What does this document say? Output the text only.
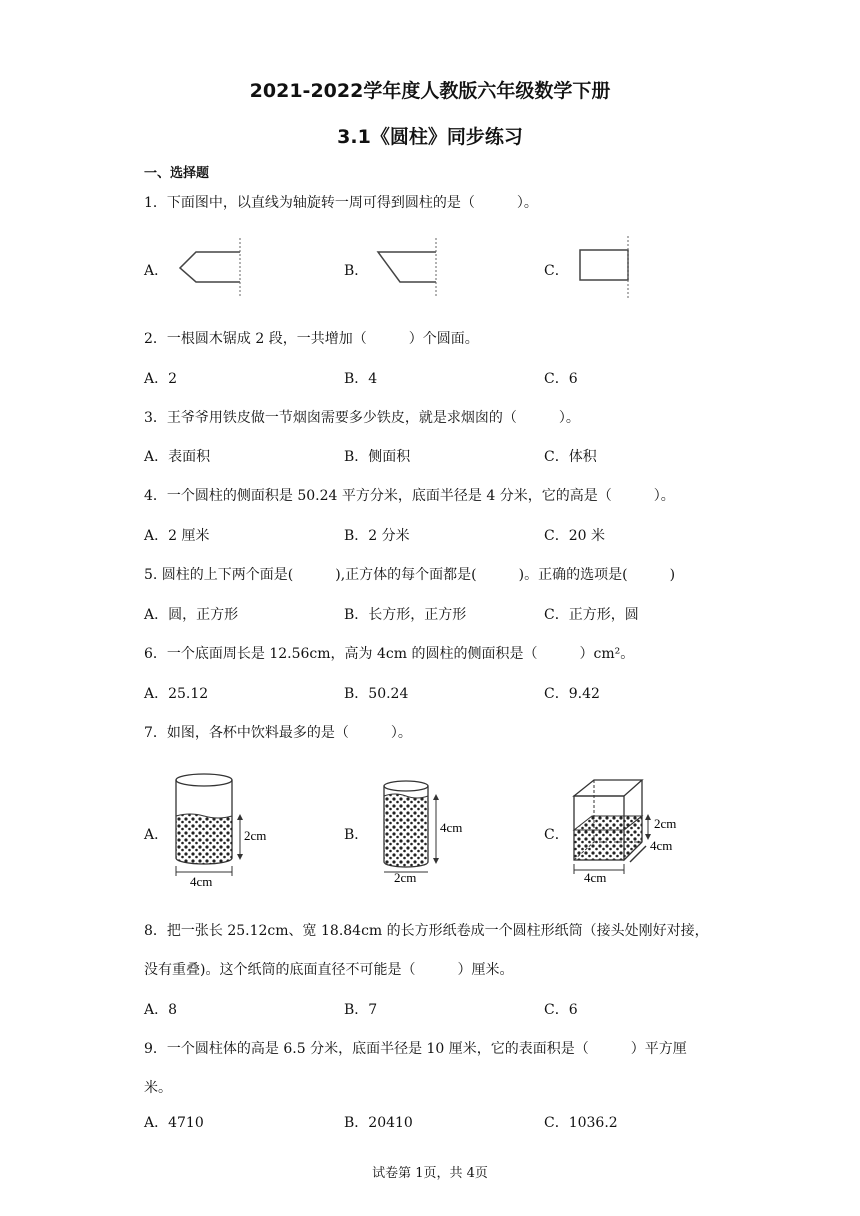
2021-2022学年度人教版六年级数学下册
3.1《圆柱》同步练习
一、选择题
1．下面图中，以直线为轴旋转一周可得到圆柱的是（　　　）。
A．	B．	C．
2．一根圆木锯成 2 段，一共增加（　　　）个圆面。
A．2	B．4	C．6
3．王爷爷用铁皮做一节烟囱需要多少铁皮，就是求烟囱的（　　　）。
A．表面积	B．侧面积	C．体积
4．一个圆柱的侧面积是 50.24 平方分米，底面半径是 4 分米，它的高是（　　　）。
A．2 厘米	B．2 分米	C．20 米
5. 圆柱的上下两个面是(　　　),正方体的每个面都是(　　　)。正确的选项是(　　　)
A．圆，正方形	B．长方形，正方形	C．正方形，圆
6．一个底面周长是 12.56cm，高为 4cm 的圆柱的侧面积是（　　　）cm²。
A．25.12	B．50.24	C．9.42
7．如图，各杯中饮料最多的是（　　　）。
A．	B．	C．
2cm
4cm
4cm
2cm
2cm
4cm
4cm
8．把一张长 25.12cm、宽 18.84cm 的长方形纸卷成一个圆柱形纸筒（接头处刚好对接，
没有重叠)。这个纸筒的底面直径不可能是（　　　）厘米。
A．8	B．7	C．6
9．一个圆柱体的高是 6.5 分米，底面半径是 10 厘米，它的表面积是（　　　）平方厘
米。
A．4710	B．20410	C．1036.2
试卷第 1页，共 4页
